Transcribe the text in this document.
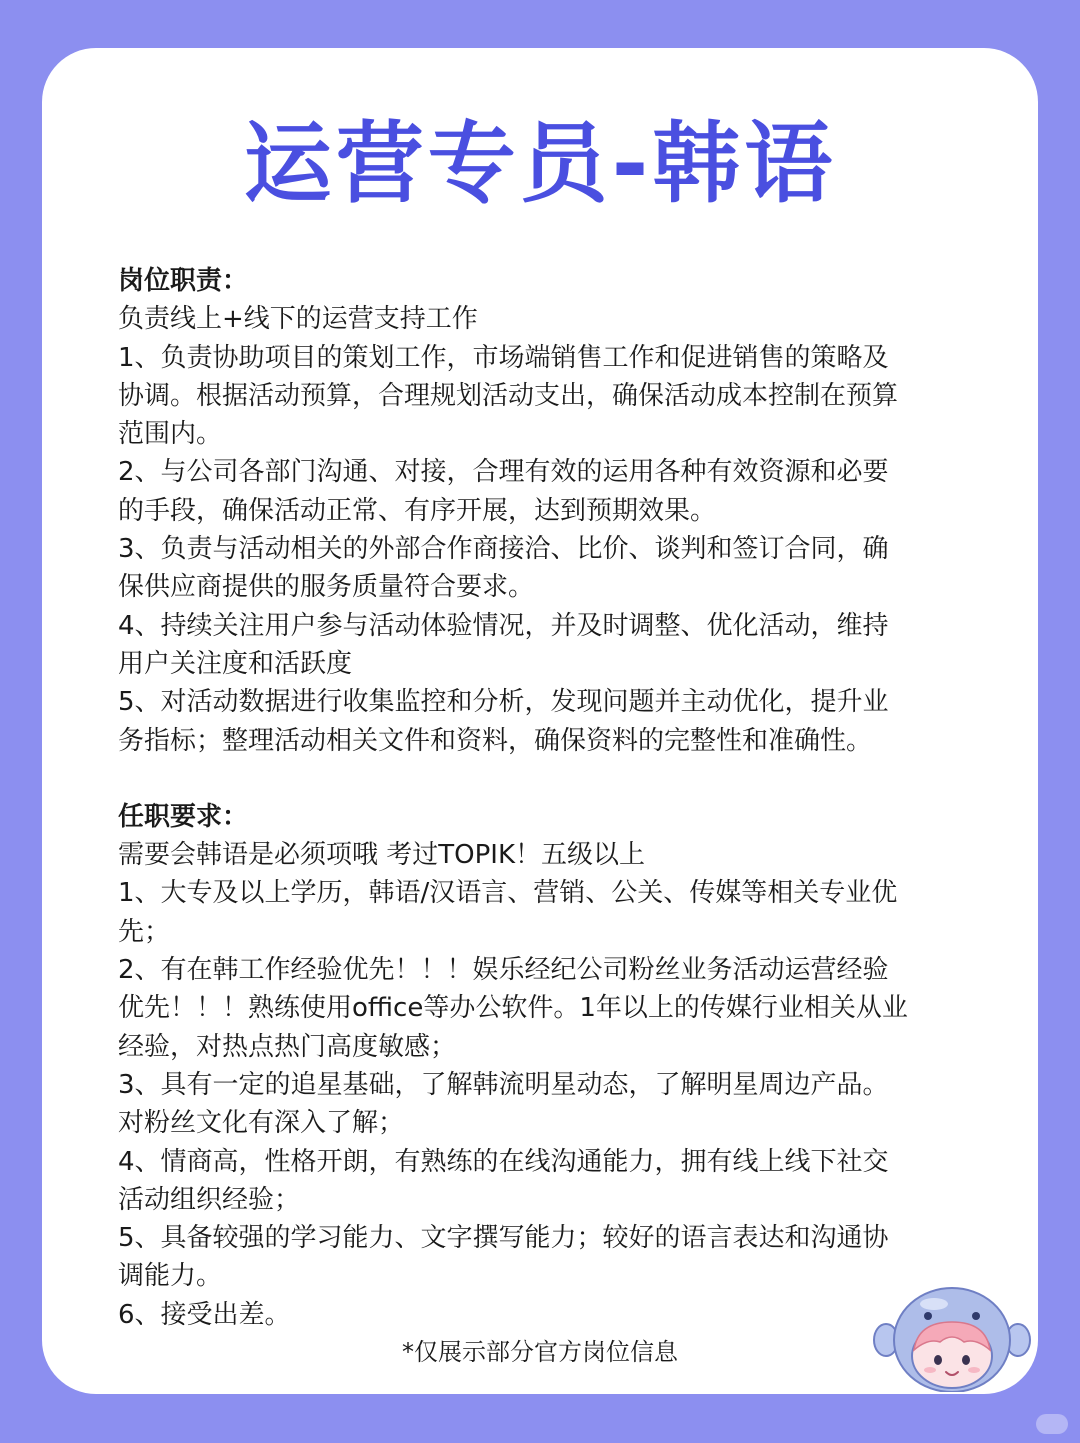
运营专员-韩语

岗位职责：

负责线上+线下的运营支持工作

1、负责协助项目的策划工作，市场端销售工作和促进销售的策略及

协调。根据活动预算，合理规划活动支出，确保活动成本控制在预算

范围内。

2、与公司各部门沟通、对接，合理有效的运用各种有效资源和必要

的手段，确保活动正常、有序开展，达到预期效果。

3、负责与活动相关的外部合作商接洽、比价、谈判和签订合同，确

保供应商提供的服务质量符合要求。

4、持续关注用户参与活动体验情况，并及时调整、优化活动，维持

用户关注度和活跃度

5、对活动数据进行收集监控和分析，发现问题并主动优化，提升业

务指标；整理活动相关文件和资料，确保资料的完整性和准确性。

任职要求：

需要会韩语是必须项哦 考过TOPIK！五级以上

1、大专及以上学历，韩语/汉语言、营销、公关、传媒等相关专业优

先；

2、有在韩工作经验优先！！！娱乐经纪公司粉丝业务活动运营经验

优先！！！熟练使用office等办公软件。1年以上的传媒行业相关从业

经验，对热点热门高度敏感；

3、具有一定的追星基础，了解韩流明星动态，了解明星周边产品。

对粉丝文化有深入了解；

4、情商高，性格开朗，有熟练的在线沟通能力，拥有线上线下社交

活动组织经验；

5、具备较强的学习能力、文字撰写能力；较好的语言表达和沟通协

调能力。

6、接受出差。

*仅展示部分官方岗位信息
